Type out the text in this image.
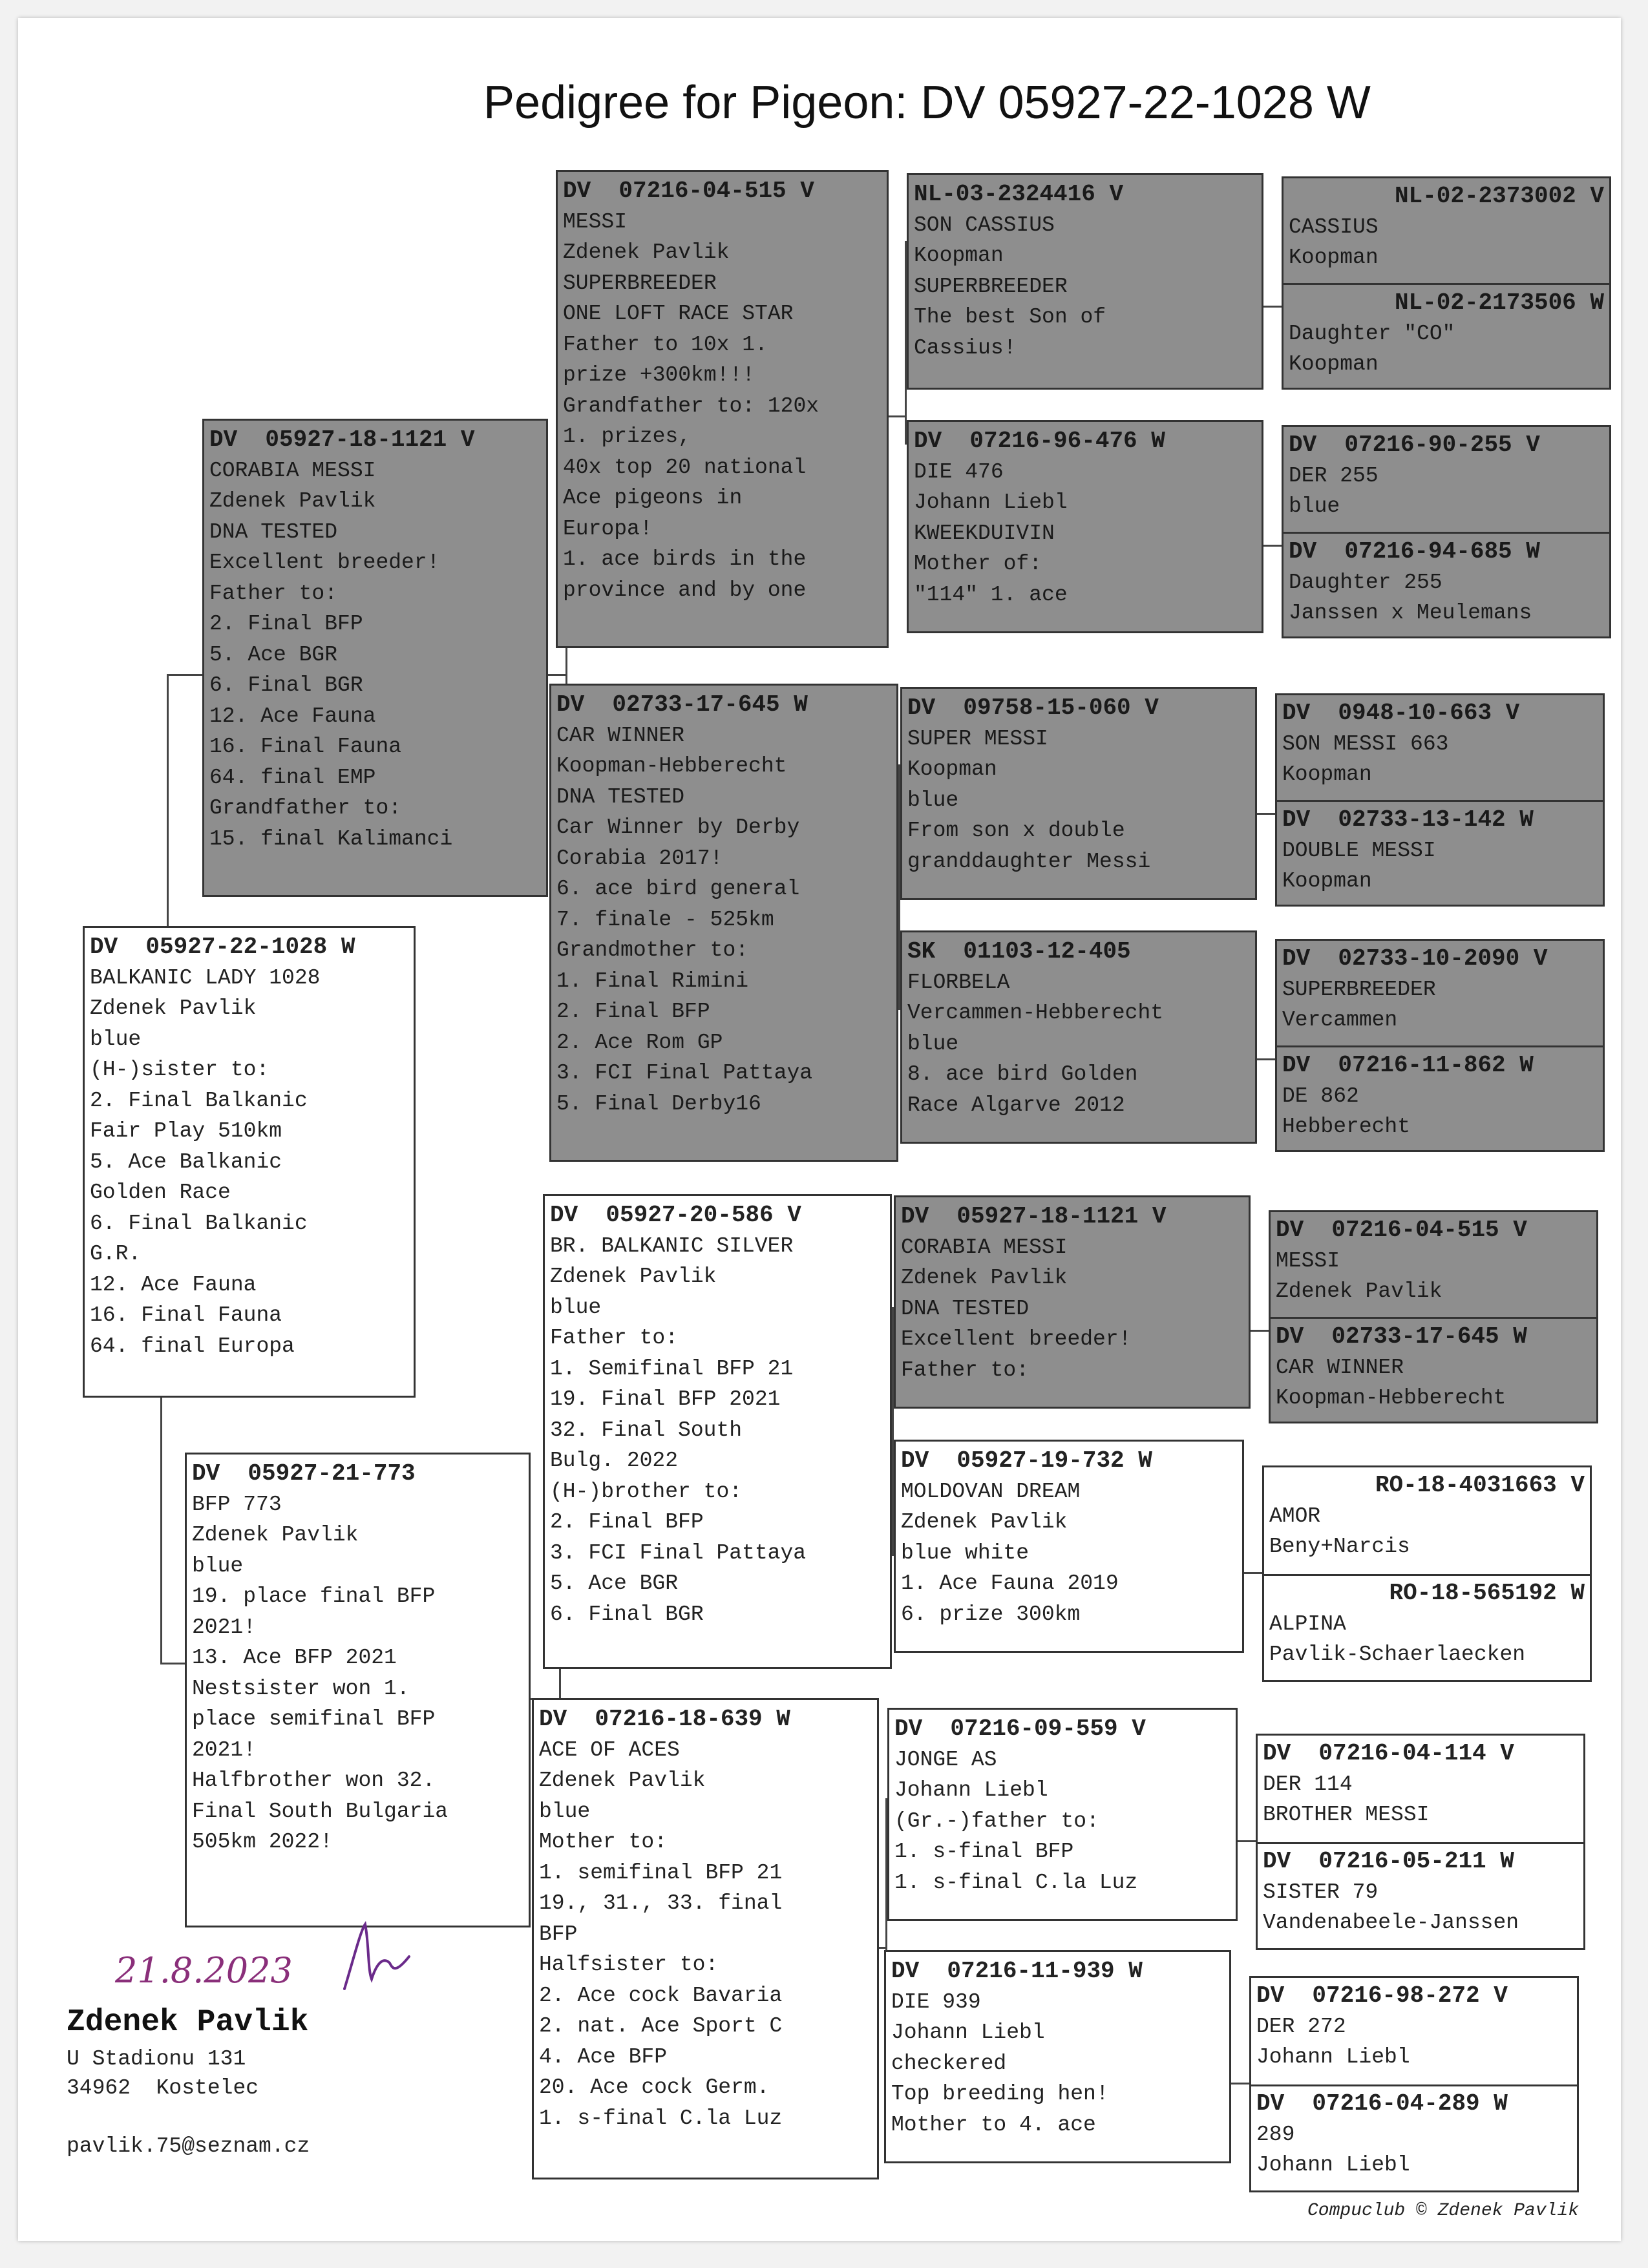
Pedigree for Pigeon: DV 05927-22-1028 W
DV  05927-22-1028 W
BALKANIC LADY 1028
Zdenek Pavlik
blue
(H-)sister to:
2. Final Balkanic
Fair Play 510km
5. Ace Balkanic
Golden Race
6. Final Balkanic
G.R.
12. Ace Fauna
16. Final Fauna
64. final Europa
DV  05927-18-1121 V
CORABIA MESSI
Zdenek Pavlik
DNA TESTED
Excellent breeder!
Father to:
2. Final BFP
5. Ace BGR
6. Final BGR
12. Ace Fauna
16. Final Fauna
64. final EMP
Grandfather to:
15. final Kalimanci
DV  05927-21-773
BFP 773
Zdenek Pavlik
blue
19. place final BFP
2021!
13. Ace BFP 2021
Nestsister won 1.
place semifinal BFP
2021!
Halfbrother won 32.
Final South Bulgaria
505km 2022!
DV  07216-04-515 V
MESSI
Zdenek Pavlik
SUPERBREEDER
ONE LOFT RACE STAR
Father to 10x 1.
prize +300km!!!
Grandfather to: 120x
1. prizes,
40x top 20 national
Ace pigeons in
Europa!
1. ace birds in the
province and by one
DV  02733-17-645 W
CAR WINNER
Koopman-Hebberecht
DNA TESTED
Car Winner by Derby
Corabia 2017!
6. ace bird general
7. finale - 525km
Grandmother to:
1. Final Rimini
2. Final BFP
2. Ace Rom GP
3. FCI Final Pattaya
5. Final Derby16
DV  05927-20-586 V
BR. BALKANIC SILVER
Zdenek Pavlik
blue
Father to:
1. Semifinal BFP 21
19. Final BFP 2021
32. Final South
Bulg. 2022
(H-)brother to:
2. Final BFP
3. FCI Final Pattaya
5. Ace BGR
6. Final BGR
DV  07216-18-639 W
ACE OF ACES
Zdenek Pavlik
blue
Mother to:
1. semifinal BFP 21
19., 31., 33. final
BFP
Halfsister to:
2. Ace cock Bavaria
2. nat. Ace Sport C
4. Ace BFP
20. Ace cock Germ.
1. s-final C.la Luz
NL-03-2324416 V
SON CASSIUS
Koopman
SUPERBREEDER
The best Son of
Cassius!
DV  07216-96-476 W
DIE 476
Johann Liebl
KWEEKDUIVIN
Mother of:
"114" 1. ace
DV  09758-15-060 V
SUPER MESSI
Koopman
blue
From son x double
granddaughter Messi
SK  01103-12-405
FLORBELA
Vercammen-Hebberecht
blue
8. ace bird Golden
Race Algarve 2012
DV  05927-18-1121 V
CORABIA MESSI
Zdenek Pavlik
DNA TESTED
Excellent breeder!
Father to:
DV  05927-19-732 W
MOLDOVAN DREAM
Zdenek Pavlik
blue white
1. Ace Fauna 2019
6. prize 300km
DV  07216-09-559 V
JONGE AS
Johann Liebl
(Gr.-)father to:
1. s-final BFP
1. s-final C.la Luz
DV  07216-11-939 W
DIE 939
Johann Liebl
checkered
Top breeding hen!
Mother to 4. ace
NL-02-2373002 V
CASSIUS
Koopman
NL-02-2173506 W
Daughter "CO"
Koopman
DV  07216-90-255 V
DER 255
blue
DV  07216-94-685 W
Daughter 255
Janssen x Meulemans
DV  0948-10-663 V
SON MESSI 663
Koopman
DV  02733-13-142 W
DOUBLE MESSI
Koopman
DV  02733-10-2090 V
SUPERBREEDER
Vercammen
DV  07216-11-862 W
DE 862
Hebberecht
DV  07216-04-515 V
MESSI
Zdenek Pavlik
DV  02733-17-645 W
CAR WINNER
Koopman-Hebberecht
RO-18-4031663 V
AMOR
Beny+Narcis
RO-18-565192 W
ALPINA
Pavlik-Schaerlaecken
DV  07216-04-114 V
DER 114
BROTHER MESSI
DV  07216-05-211 W
SISTER 79
Vandenabeele-Janssen
DV  07216-98-272 V
DER 272
Johann Liebl
DV  07216-04-289 W
289
Johann Liebl
21.8.2023
Zdenek Pavlik
U Stadionu 131
34962  Kostelec
pavlik.75@seznam.cz
Compuclub © Zdenek Pavlik
